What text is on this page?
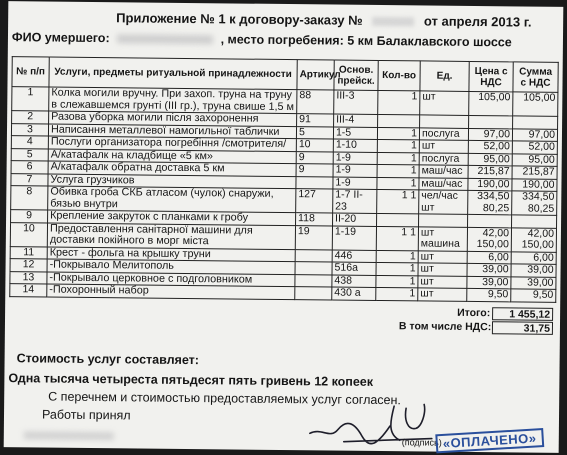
Приложение № 1 к договору-заказу №	от апреля 2013 г.
ФИО умершего:	, место погребения: 5 км Балаклавского шоссе
№ п/п	Услуги, предметы ритуальной принадлежности	Артикул	Основ. прейск.	Кол-во	Ед.	Цена с НДС	Сумма с НДС
1	Колка могили вручну. При захоп. труна на труну в слежавшемся грунті (III гр.), труна свише 1,5 м	88	III-3	1	шт	105,00	105,00
2	Разова уборка могили після захоронення	91	III-4				
3	Написання металлевої намогильної таблички	5	1-5	1	послуга	97,00	97,00
4	Послуги организатора погребіння /смотрителя/	10	1-10	1	шт	52,00	52,00
5	А/катафалк на кладбище «5 км»	9	1-9	1	послуга	95,00	95,00
6	А/катафалк обратна доставка 5 км	9	1-9	1	маш/час	215,87	215,87
7	Услуга грузчиков		1-9	1	маш/час	190,00	190,00
8	Обивка гроба СКБ атласом (чулок) снаружи, бязью внутри	127	1-7 II-23	1 1	чел/час шт	334,50 80,25	334,50 80,25
9	Крепление закруток с планками к гробу	118	II-20				
10	Предоставлення санітарної машини для доставки покійного в морг міста	19	1-19	1 1	шт машина	42,00 150,00	42,00 150,00
11	Крест - фольга на крышку труни		446	1	шт	6,00	6,00
12	-Покрывало Мелитополь		516а	1	шт	39,00	39,00
13	-Покрывало церковное с подголовником		438	1	шт	39,00	39,00
14	-Похоронный набор		430 а	1	шт	9,50	9,50
Итого:	1 455,12
В том числе НДС:	31,75
Стоимость услуг составляет:
Одна тысяча четыреста пятьдесят пять гривень 12 копеек
С перечнем и стоимостью предоставляемых услуг согласен.
Работы принял
(подпись) «ОПЛАЧЕНО»
